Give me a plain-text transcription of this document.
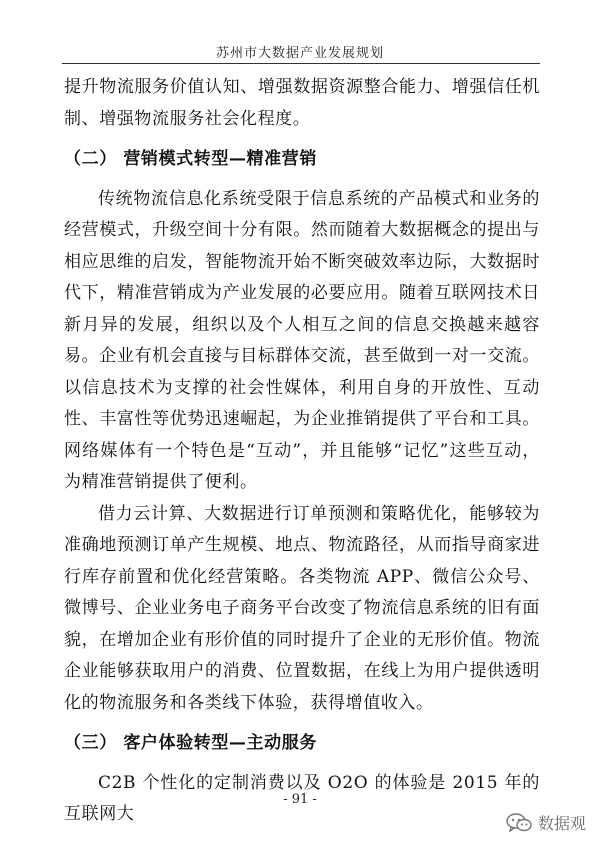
苏州市大数据产业发展规划

提升物流服务价值认知、增强数据资源整合能力、增强信任机制、增强物流服务社会化程度。

（二） 营销模式转型—精准营销

传统物流信息化系统受限于信息系统的产品模式和业务的经营模式，升级空间十分有限。然而随着大数据概念的提出与相应思维的启发，智能物流开始不断突破效率边际，大数据时代下，精准营销成为产业发展的必要应用。随着互联网技术日新月异的发展，组织以及个人相互之间的信息交换越来越容易。企业有机会直接与目标群体交流，甚至做到一对一交流。以信息技术为支撑的社会性媒体，利用自身的开放性、互动性、丰富性等优势迅速崛起，为企业推销提供了平台和工具。网络媒体有一个特色是“互动”，并且能够“记忆”这些互动，为精准营销提供了便利。

借力云计算、大数据进行订单预测和策略优化，能够较为准确地预测订单产生规模、地点、物流路径，从而指导商家进行库存前置和优化经营策略。各类物流 APP、微信公众号、微博号、企业业务电子商务平台改变了物流信息系统的旧有面貌，在增加企业有形价值的同时提升了企业的无形价值。物流企业能够获取用户的消费、位置数据，在线上为用户提供透明化的物流服务和各类线下体验，获得增值收入。

（三） 客户体验转型—主动服务

C2B 个性化的定制消费以及 O2O 的体验是 2015 年的互联网大

- 91 -
数据观
